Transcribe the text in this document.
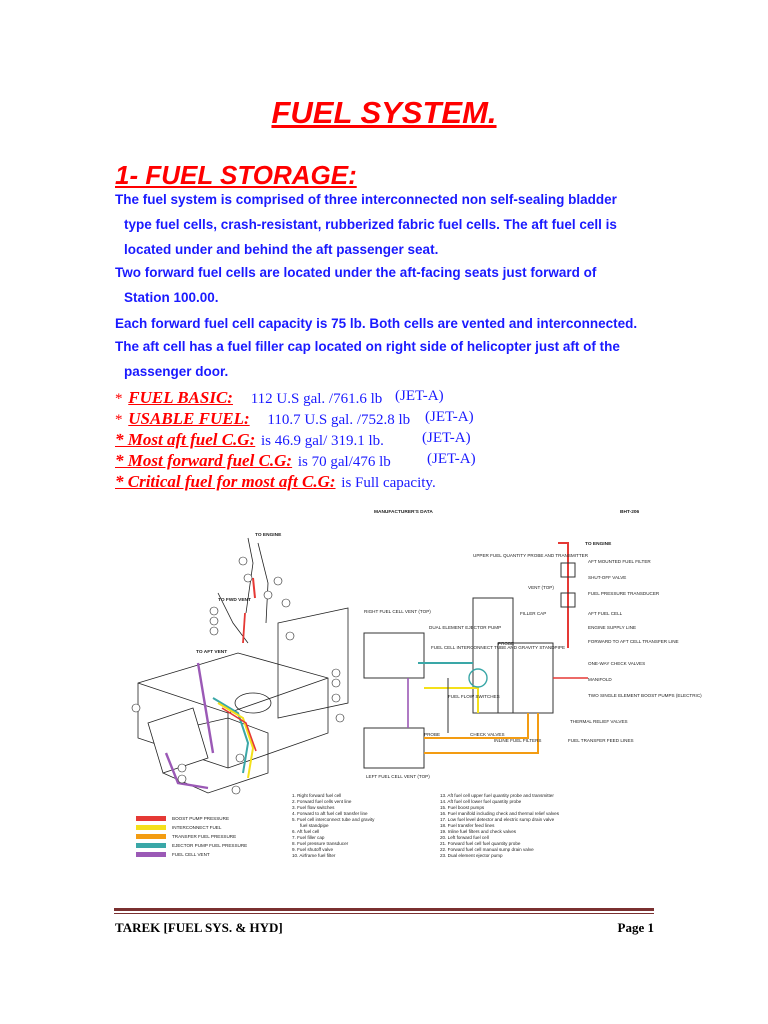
FUEL SYSTEM.
1- FUEL STORAGE:
The fuel system is comprised of three interconnected non self-sealing bladder
type fuel cells, crash-resistant, rubberized fabric fuel cells. The aft fuel cell is
located under and behind the aft passenger seat.
Two forward fuel cells are located under the aft-facing seats just forward of
Station 100.00.
Each forward fuel cell capacity is 75 lb. Both cells are vented and interconnected.
The aft cell has a fuel filler cap located on right side of helicopter just aft of the
passenger door.
* FUEL BASIC: 112 U.S gal. /761.6 lb (JET-A)
* USABLE FUEL: 110.7 U.S gal. /752.8 lb (JET-A)
* Most aft fuel C.G: is 46.9 gal/ 319.1 lb.	(JET-A)
* Most forward fuel C.G: is 70 gal/476 lb (JET-A)
* Critical fuel for most aft C.G: is Full capacity.
MANUFACTURER'S DATA	BHT-206
TO ENGINE
TO FWD VENT
TO AFT VENT
TO ENGINE
UPPER FUEL QUANTITY PROBE AND TRANSMITTER
AFT MOUNTED FUEL FILTER
SHUT-OFF VALVE
VENT (TOP)
FUEL PRESSURE TRANSDUCER
RIGHT FUEL CELL VENT (TOP)	FILLER CAP	AFT FUEL CELL
DUAL ELEMENT EJECTOR PUMP	ENGINE SUPPLY LINE
PROBE	FORWARD TO AFT CELL TRANSFER LINE
FUEL CELL INTERCONNECT TUBE AND GRAVITY STANDPIPE
ONE-WAY CHECK VALVES
MANIFOLD
FUEL FLOW SWITCHES	TWO SINGLE ELEMENT BOOST PUMPS (ELECTRIC)
THERMAL RELIEF VALVES
PROBE	CHECK VALVES
INLINE FUEL FILTERS	FUEL TRANSFER FEED LINES
LEFT FUEL CELL VENT (TOP)
BOOST PUMP PRESSURE
INTERCONNECT FUEL
TRANSFER FUEL PRESSURE
EJECTOR PUMP FUEL PRESSURE
FUEL CELL VENT
1. Right forward fuel cell
2. Forward fuel cells vent line
3. Fuel flow switches
4. Forward to aft fuel cell transfer line
5. Fuel cell interconnect tube and gravity
fuel standpipe
6. Aft fuel cell
7. Fuel filler cap
8. Fuel pressure transducer
9. Fuel shutoff valve
10. Airframe fuel filter
13. Aft fuel cell upper fuel quantity probe and transmitter
14. Aft fuel cell lower fuel quantity probe
15. Fuel boost pumps
16. Fuel manifold including check and thermal relief valves
17. Low fuel level detector and electric sump drain valve
18. Fuel transfer feed lines
19. Inline fuel filters and check valves
20. Left forward fuel cell
21. Forward fuel cell fuel quantity probe
22. Forward fuel cell manual sump drain valve
23. Dual element ejector pump
TAREK [FUEL SYS. & HYD]	Page 1
